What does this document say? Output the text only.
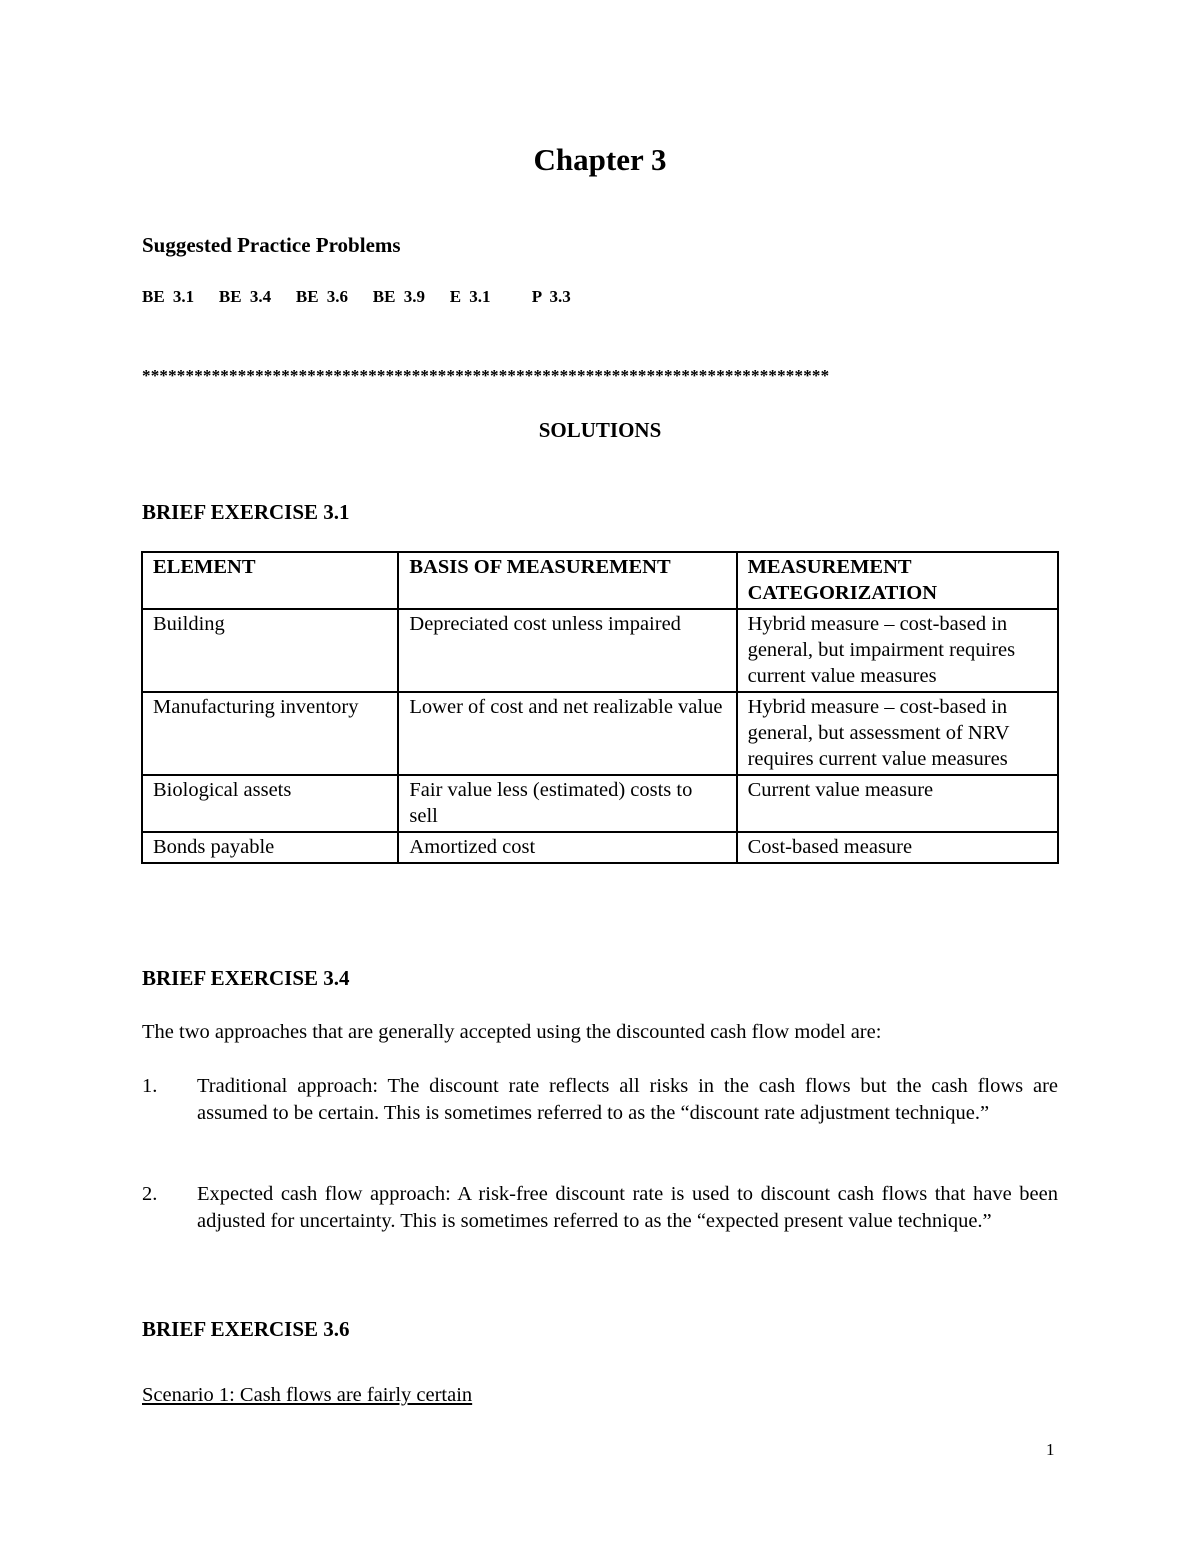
Chapter 3
Suggested Practice Problems
BE 3.1   BE 3.4   BE 3.6   BE 3.9   E 3.1     P 3.3
*******************************************************************************
SOLUTIONS
BRIEF EXERCISE 3.1
ELEMENT	BASIS OF MEASUREMENT	MEASUREMENT CATEGORIZATION
Building	Depreciated cost unless impaired	Hybrid measure – cost-based in general, but impairment requires current value measures
Manufacturing inventory	Lower of cost and net realizable value	Hybrid measure – cost-based in general, but assessment of NRV requires current value measures
Biological assets	Fair value less (estimated) costs to sell	Current value measure
Bonds payable	Amortized cost	Cost-based measure
BRIEF EXERCISE 3.4
The two approaches that are generally accepted using the discounted cash flow model are:
1. Traditional approach: The discount rate reflects all risks in the cash flows but the cash flows are assumed to be certain. This is sometimes referred to as the “discount rate adjustment technique.”
2. Expected cash flow approach: A risk-free discount rate is used to discount cash flows that have been adjusted for uncertainty. This is sometimes referred to as the “expected present value technique.”
BRIEF EXERCISE 3.6
Scenario 1: Cash flows are fairly certain
1
